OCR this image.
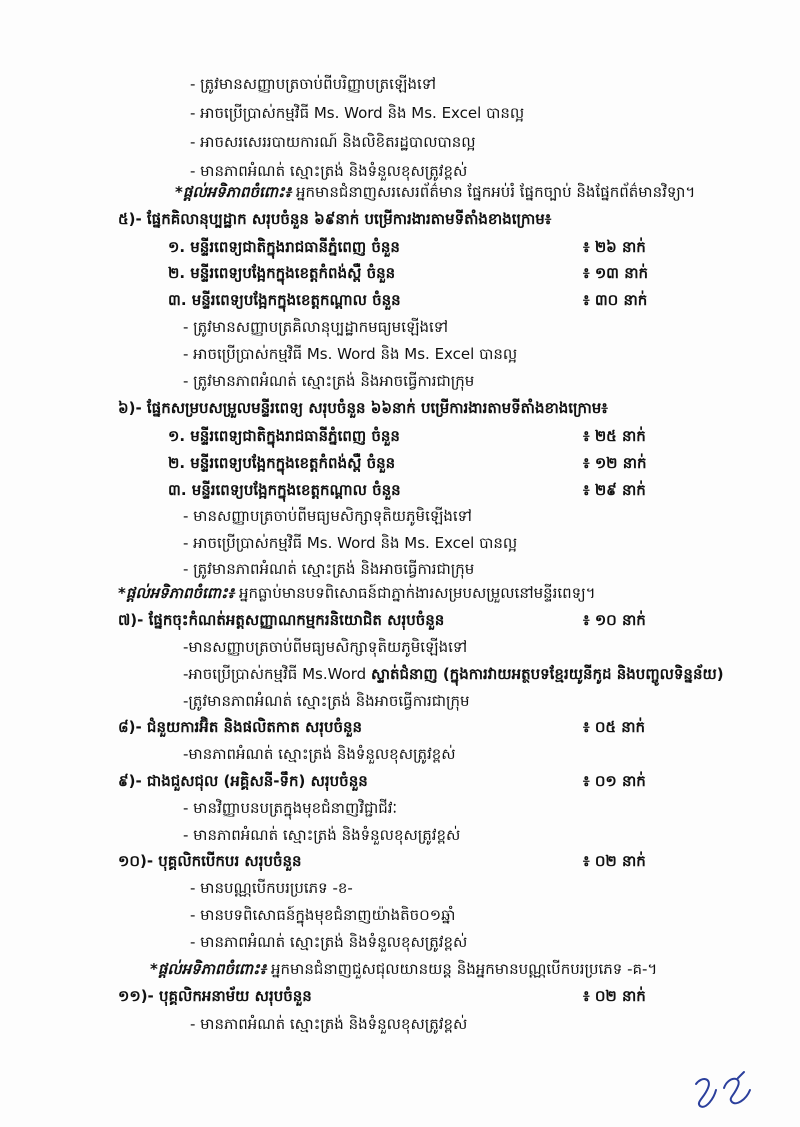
- ត្រូវមានសញ្ញាបត្រចាប់ពីបរិញ្ញាបត្រឡើងទៅ
- អាចប្រើប្រាស់កម្មវិធី Ms. Word និង Ms. Excel បានល្អ
- អាចសរសេររបាយការណ៍ និងលិខិតរដ្ឋបាលបានល្អ
- មានភាពអំណត់ ស្មោះត្រង់ និងទំនួលខុសត្រូវខ្ពស់
*ផ្តល់អទិភាពចំពោះ៖ អ្នកមានជំនាញសរសេរព័ត៌មាន ផ្នែកអប់រំ ផ្នែកច្បាប់ និងផ្នែកព័ត៌មានវិទ្យា។
៥)- ផ្នែកគិលានុប្បដ្ឋាក សរុបចំនួន ៦៩នាក់ បម្រើការងារតាមទីតាំងខាងក្រោម៖
១. មន្ទីរពេទ្យជាតិក្នុងរាជធានីភ្នំពេញ ចំនួន	៖ ២៦ នាក់
២. មន្ទីរពេទ្យបង្អែកក្នុងខេត្តកំពង់ស្ពឺ ចំនួន	៖ ១៣ នាក់
៣. មន្ទីរពេទ្យបង្អែកក្នុងខេត្តកណ្តាល ចំនួន	៖ ៣០ នាក់
- ត្រូវមានសញ្ញាបត្រគិលានុប្បដ្ឋាកមធ្យមឡើងទៅ
- អាចប្រើប្រាស់កម្មវិធី Ms. Word និង Ms. Excel បានល្អ
- ត្រូវមានភាពអំណត់ ស្មោះត្រង់ និងអាចធ្វើការជាក្រុម
៦)- ផ្នែកសម្របសម្រួលមន្ទីរពេទ្យ សរុបចំនួន ៦៦នាក់ បម្រើការងារតាមទីតាំងខាងក្រោម៖
១. មន្ទីរពេទ្យជាតិក្នុងរាជធានីភ្នំពេញ ចំនួន	៖ ២៥ នាក់
២. មន្ទីរពេទ្យបង្អែកក្នុងខេត្តកំពង់ស្ពឺ ចំនួន	៖ ១២ នាក់
៣. មន្ទីរពេទ្យបង្អែកក្នុងខេត្តកណ្តាល ចំនួន	៖ ២៩ នាក់
- មានសញ្ញាបត្រចាប់ពីមធ្យមសិក្សាទុតិយភូមិឡើងទៅ
- អាចប្រើប្រាស់កម្មវិធី Ms. Word និង Ms. Excel បានល្អ
- ត្រូវមានភាពអំណត់ ស្មោះត្រង់ និងអាចធ្វើការជាក្រុម
*ផ្តល់អទិភាពចំពោះ៖ អ្នកធ្លាប់មានបទពិសោធន៍ជាភ្នាក់ងារសម្របសម្រួលនៅមន្ទីរពេទ្យ។
៧)- ផ្នែកចុះកំណត់អត្តសញ្ញាណកម្មករនិយោជិត សរុបចំនួន	៖ ១០ នាក់
-មានសញ្ញាបត្រចាប់ពីមធ្យមសិក្សាទុតិយភូមិឡើងទៅ
-អាចប្រើប្រាស់កម្មវិធី Ms.Word ស្ទាត់ជំនាញ (ក្នុងការវាយអត្ថបទខ្មែរយូនីកូដ និងបញ្ចូលទិន្នន័យ)
-ត្រូវមានភាពអំណត់ ស្មោះត្រង់ និងអាចធ្វើការជាក្រុម
៨)- ជំនួយការអ៊ិត និងផលិតកាត សរុបចំនួន	៖ ០៥ នាក់
-មានភាពអំណត់ ស្មោះត្រង់ និងទំនួលខុសត្រូវខ្ពស់
៩)- ជាងជួសជុល (អគ្គិសនី-ទឹក) សរុបចំនួន	៖ ០១ នាក់
- មានវិញ្ញាបនបត្រក្នុងមុខជំនាញវិជ្ជាជីវៈ
- មានភាពអំណត់ ស្មោះត្រង់ និងទំនួលខុសត្រូវខ្ពស់
១០)- បុគ្គលិកបើកបរ សរុបចំនួន	៖ ០២ នាក់
- មានបណ្ណបើកបរប្រភេទ -ខ-
- មានបទពិសោធន៍ក្នុងមុខជំនាញយ៉ាងតិច០១ឆ្នាំ
- មានភាពអំណត់ ស្មោះត្រង់ និងទំនួលខុសត្រូវខ្ពស់
*ផ្តល់អទិភាពចំពោះ៖ អ្នកមានជំនាញជួសជុលយានយន្ត និងអ្នកមានបណ្ណបើកបរប្រភេទ -គ-។
១១)- បុគ្គលិកអនាម័យ សរុបចំនួន	៖ ០២ នាក់
- មានភាពអំណត់ ស្មោះត្រង់ និងទំនួលខុសត្រូវខ្ពស់
